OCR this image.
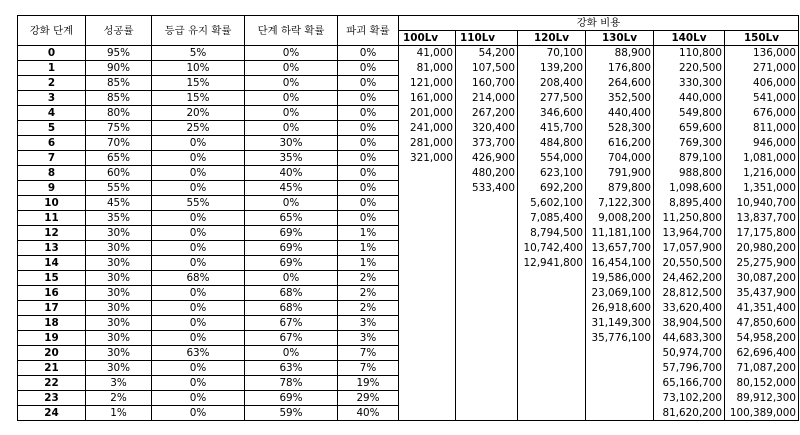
강화 단계	성공률	등급 유지 확률	단계 하락 확률	파괴 확률	강화 비용					
					100Lv	110Lv	120Lv	130Lv	140Lv	150Lv
0	95%	5%	0%	0%	41,000	54,200	70,100	88,900	110,800	136,000
1	90%	10%	0%	0%	81,000	107,500	139,200	176,800	220,500	271,000
2	85%	15%	0%	0%	121,000	160,700	208,400	264,600	330,300	406,000
3	85%	15%	0%	0%	161,000	214,000	277,500	352,500	440,000	541,000
4	80%	20%	0%	0%	201,000	267,200	346,600	440,400	549,800	676,000
5	75%	25%	0%	0%	241,000	320,400	415,700	528,300	659,600	811,000
6	70%	0%	30%	0%	281,000	373,700	484,800	616,200	769,300	946,000
7	65%	0%	35%	0%	321,000	426,900	554,000	704,000	879,100	1,081,000
8	60%	0%	40%	0%		480,200	623,100	791,900	988,800	1,216,000
9	55%	0%	45%	0%		533,400	692,200	879,800	1,098,600	1,351,000
10	45%	55%	0%	0%			5,602,100	7,122,300	8,895,400	10,940,700
11	35%	0%	65%	0%			7,085,400	9,008,200	11,250,800	13,837,700
12	30%	0%	69%	1%			8,794,500	11,181,100	13,964,700	17,175,800
13	30%	0%	69%	1%			10,742,400	13,657,700	17,057,900	20,980,200
14	30%	0%	69%	1%			12,941,800	16,454,100	20,550,500	25,275,900
15	30%	68%	0%	2%				19,586,000	24,462,200	30,087,200
16	30%	0%	68%	2%				23,069,100	28,812,500	35,437,900
17	30%	0%	68%	2%				26,918,600	33,620,400	41,351,400
18	30%	0%	67%	3%				31,149,300	38,904,500	47,850,600
19	30%	0%	67%	3%				35,776,100	44,683,300	54,958,200
20	30%	63%	0%	7%					50,974,700	62,696,400
21	30%	0%	63%	7%					57,796,700	71,087,200
22	3%	0%	78%	19%					65,166,700	80,152,000
23	2%	0%	69%	29%					73,102,200	89,912,300
24	1%	0%	59%	40%					81,620,200	100,389,000
